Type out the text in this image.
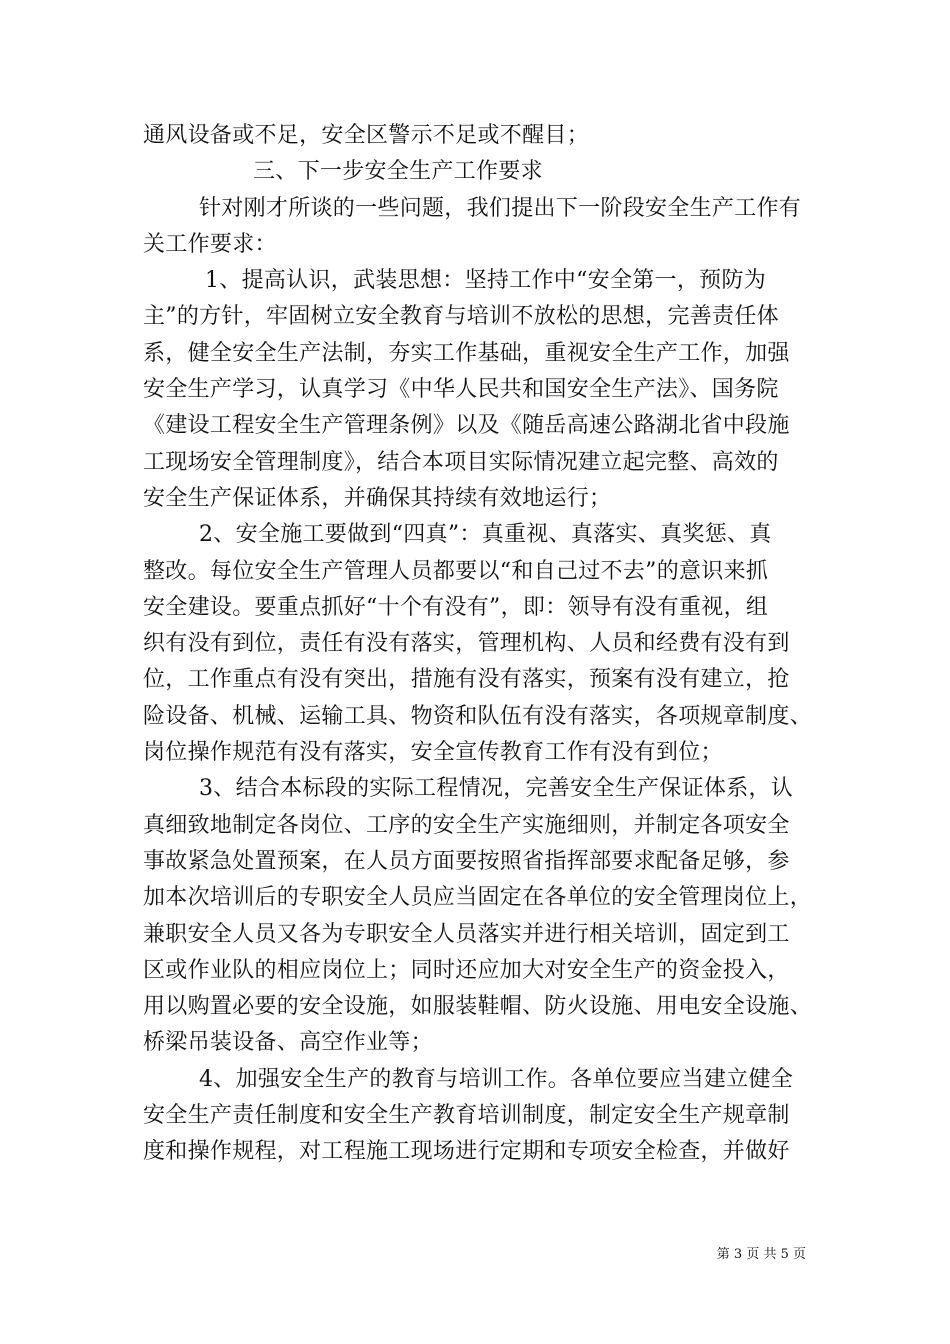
通风设备或不足，安全区警示不足或不醒目；
三、下一步安全生产工作要求
针对刚才所谈的一些问题，我们提出下一阶段安全生产工作有
关工作要求：
1、提高认识，武装思想：坚持工作中“安全第一，预防为
主”的方针，牢固树立安全教育与培训不放松的思想，完善责任体
系，健全安全生产法制，夯实工作基础，重视安全生产工作，加强
安全生产学习，认真学习《中华人民共和国安全生产法》、国务院
《建设工程安全生产管理条例》以及《随岳高速公路湖北省中段施
工现场安全管理制度》，结合本项目实际情况建立起完整、高效的
安全生产保证体系，并确保其持续有效地运行；
2、安全施工要做到“四真”：真重视、真落实、真奖惩、真
整改。每位安全生产管理人员都要以“和自己过不去”的意识来抓
安全建设。要重点抓好“十个有没有”，即：领导有没有重视，组
织有没有到位，责任有没有落实，管理机构、人员和经费有没有到
位，工作重点有没有突出，措施有没有落实，预案有没有建立，抢
险设备、机械、运输工具、物资和队伍有没有落实，各项规章制度、
岗位操作规范有没有落实，安全宣传教育工作有没有到位；
3、结合本标段的实际工程情况，完善安全生产保证体系，认
真细致地制定各岗位、工序的安全生产实施细则，并制定各项安全
事故紧急处置预案，在人员方面要按照省指挥部要求配备足够，参
加本次培训后的专职安全人员应当固定在各单位的安全管理岗位上，
兼职安全人员又各为专职安全人员落实并进行相关培训，固定到工
区或作业队的相应岗位上；同时还应加大对安全生产的资金投入，
用以购置必要的安全设施，如服装鞋帽、防火设施、用电安全设施、
桥梁吊装设备、高空作业等；
4、加强安全生产的教育与培训工作。各单位要应当建立健全
安全生产责任制度和安全生产教育培训制度，制定安全生产规章制
度和操作规程，对工程施工现场进行定期和专项安全检查，并做好
第 3 页 共 5 页
